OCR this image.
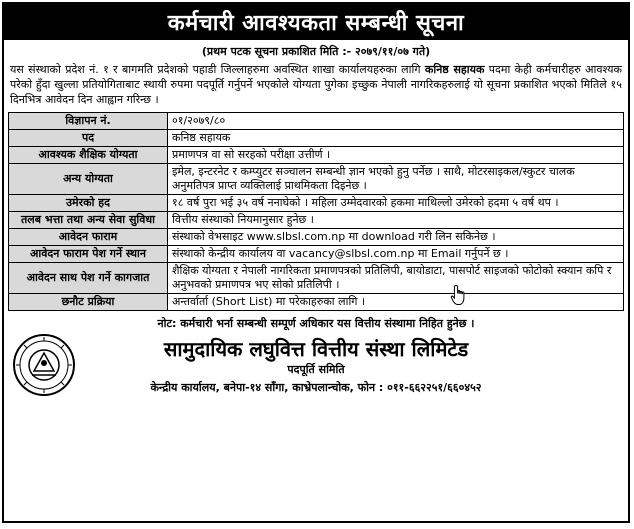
कर्मचारी आवश्यकता सम्बन्धी सूचना
(प्रथम पटक सूचना प्रकाशित मिति :- २०७९/११/०७ गते)
यस संस्थाको प्रदेश नं. १ र बागमति प्रदेशको पहाडी जिल्लाहरुमा अवस्थित शाखा कार्यालयहरुका लागि कनिष्ठ सहायक पदमा केही कर्मचारीहरु आवश्यक परेको हुँदा खुल्ला प्रतियोगिताबाट स्थायी रुपमा पदपूर्ति गर्नुपर्ने भएकोले योग्यता पुगेका इच्छुक नेपाली नागरिकहरुलाई यो सूचना प्रकाशित भएको मितिले १५ दिनभित्र आवेदन दिन आह्वान गरिन्छ ।
विज्ञापन नं.	०१/२०७९/८०
पद	कनिष्ठ सहायक
आवश्यक शैक्षिक योग्यता	प्रमाणपत्र वा सो सरहको परीक्षा उत्तीर्ण ।
अन्य योग्यता	इमेल, इन्टरनेट र कम्प्युटर सञ्चालन सम्बन्धी ज्ञान भएको हुनु पर्नेछ । साथै, मोटरसाइकल/स्कुटर चालक अनुमतिपत्र प्राप्त व्यक्तिलाई प्राथमिकता दिइनेछ ।
उमेरको हद	१८ वर्ष पुरा भई ३५ वर्ष ननाघेको । महिला उम्मेदवारको हकमा माथिल्लो उमेरको हदमा ५ वर्ष थप ।
तलब भत्ता तथा अन्य सेवा सुविधा	वित्तीय संस्थाको नियमानुसार हुनेछ ।
आवेदन फाराम	संस्थाको वेभसाइट www.slbsl.com.np मा download गरी लिन सकिनेछ ।
आवेदन फाराम पेश गर्ने स्थान	संस्थाको केन्द्रीय कार्यालय वा vacancy@slbsl.com.np मा Email गर्नुपर्ने छ ।
आवेदन साथ पेश गर्ने कागजात	शैक्षिक योग्यता र नेपाली नागरिकता प्रमाणपत्रको प्रतिलिपी, बायोडाटा, पासपोर्ट साइजको फोटोको स्क्यान कपि र अनुभवको प्रमाणपत्र भए सोको प्रतिलिपी ।
छनौट प्रक्रिया	अन्तर्वार्ता (Short List) मा परेकाहरुका लागि ।
नोट: कर्मचारी भर्ना सम्बन्धी सम्पूर्ण अधिकार यस वित्तीय संस्थामा निहित हुनेछ ।
सामुदायिक लघुवित्त वित्तीय संस्था लिमिटेड
पदपूर्ति समिति
केन्द्रीय कार्यालय, बनेपा-१४ साँगा, काभ्रेपलान्चोक, फोन : ०११-६६२२५१/६६०४५२
